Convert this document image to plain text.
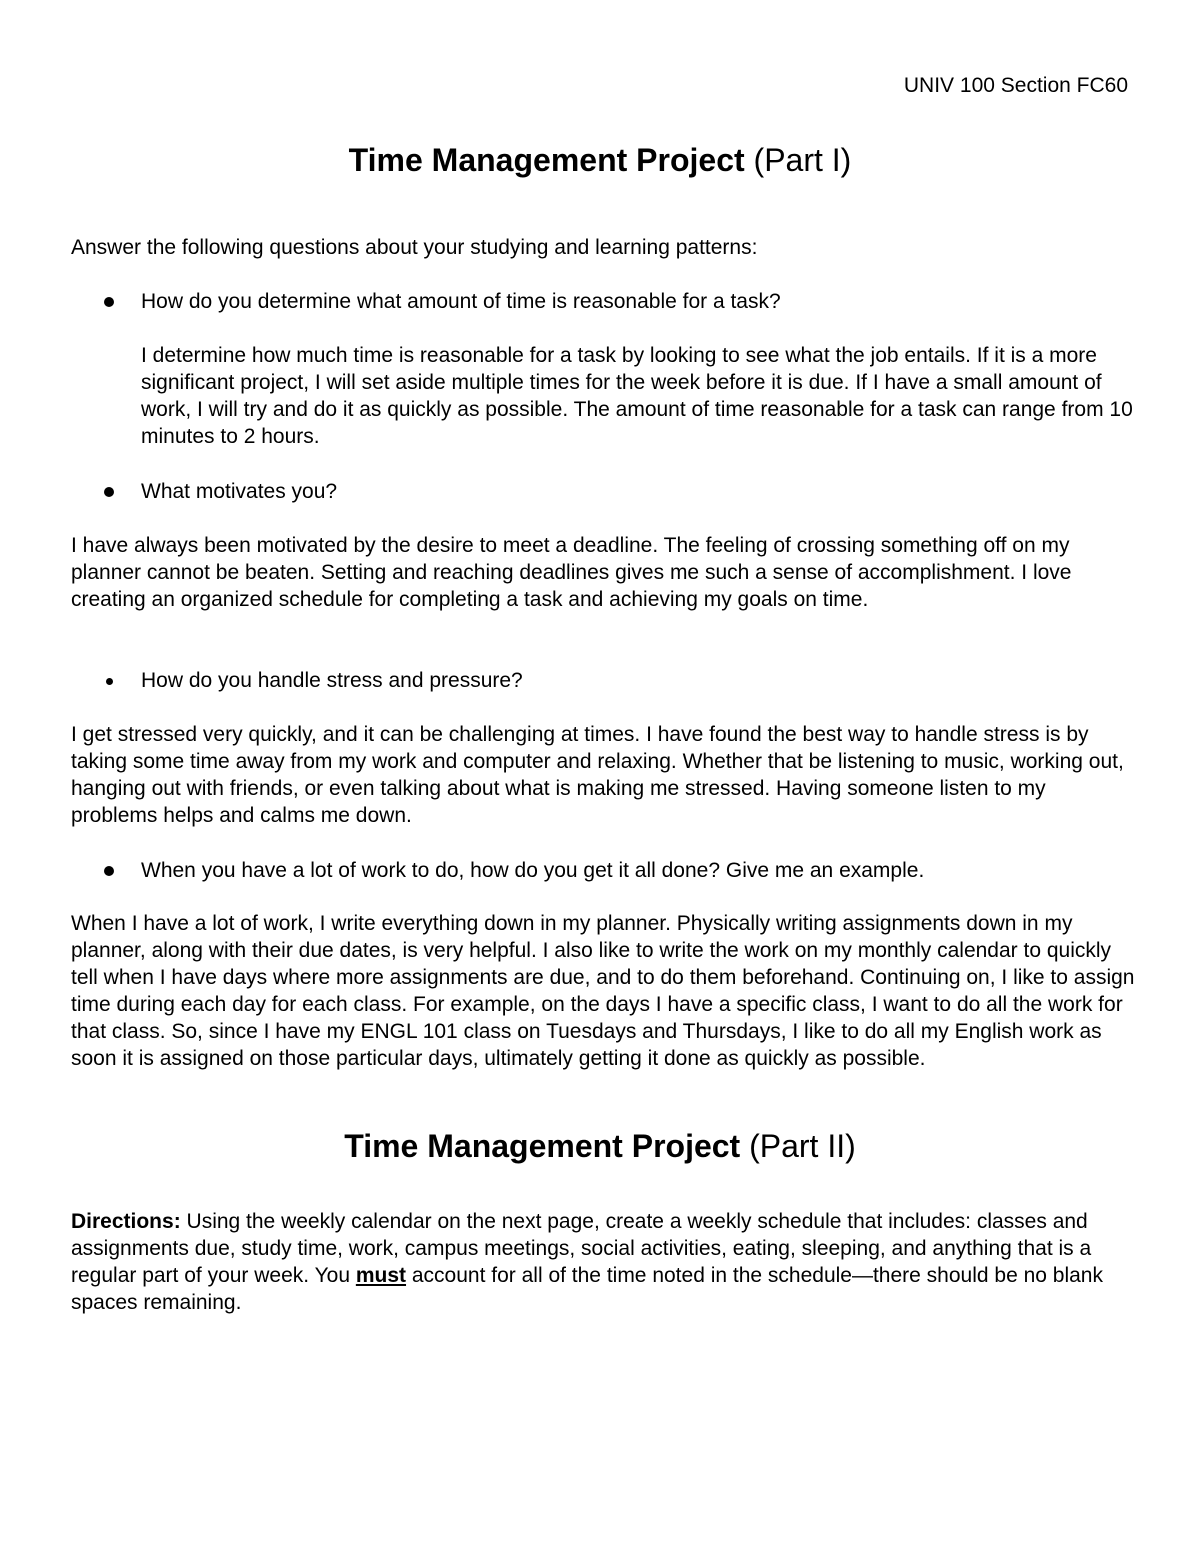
UNIV 100 Section FC60
Time Management Project (Part I)

Answer the following questions about your studying and learning patterns:

How do you determine what amount of time is reasonable for a task?

I determine how much time is reasonable for a task by looking to see what the job entails. If it is a more significant project, I will set aside multiple times for the week before it is due. If I have a small amount of work, I will try and do it as quickly as possible. The amount of time reasonable for a task can range from 10 minutes to 2 hours.

What motivates you?

I have always been motivated by the desire to meet a deadline. The feeling of crossing something off on my planner cannot be beaten. Setting and reaching deadlines gives me such a sense of accomplishment. I love creating an organized schedule for completing a task and achieving my goals on time.

How do you handle stress and pressure?

I get stressed very quickly, and it can be challenging at times. I have found the best way to handle stress is by taking some time away from my work and computer and relaxing. Whether that be listening to music, working out, hanging out with friends, or even talking about what is making me stressed. Having someone listen to my problems helps and calms me down.

When you have a lot of work to do, how do you get it all done? Give me an example.

When I have a lot of work, I write everything down in my planner. Physically writing assignments down in my planner, along with their due dates, is very helpful. I also like to write the work on my monthly calendar to quickly tell when I have days where more assignments are due, and to do them beforehand. Continuing on, I like to assign time during each day for each class. For example, on the days I have a specific class, I want to do all the work for that class. So, since I have my ENGL 101 class on Tuesdays and Thursdays, I like to do all my English work as soon it is assigned on those particular days, ultimately getting it done as quickly as possible.

Time Management Project (Part II)

Directions: Using the weekly calendar on the next page, create a weekly schedule that includes: classes and assignments due, study time, work, campus meetings, social activities, eating, sleeping, and anything that is a regular part of your week. You must account for all of the time noted in the schedule—there should be no blank spaces remaining.
